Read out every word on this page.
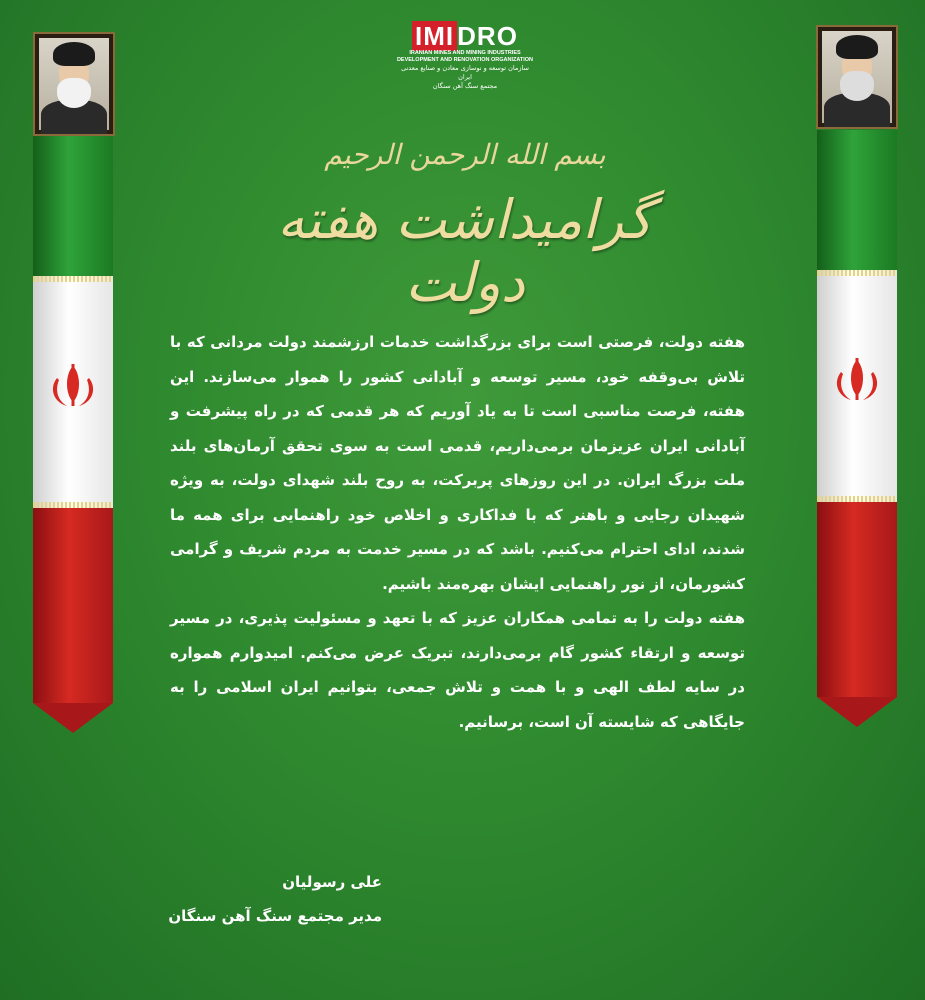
IMI DRO
IRANIAN MINES AND MINING INDUSTRIES
DEVELOPMENT AND RENOVATION ORGANIZATION
سازمان توسعه و نوسازی معادن و صنایع معدنی ایران
مجتمع سنگ آهن سنگان
بسم الله الرحمن الرحیم
گرامیداشت هفته دولت

هفته دولت، فرصتی است برای بزرگداشت خدمات ارزشمند دولت مردانی که با تلاش بی‌وقفه خود، مسیر توسعه و آبادانی کشور را هموار می‌سازند. این هفته، فرصت مناسبی است تا به یاد آوریم که هر قدمی که در راه پیشرفت و آبادانی ایران عزیزمان برمی‌داریم، قدمی است به سوی تحقق آرمان‌های بلند ملت بزرگ ایران. در این روزهای پربرکت، به روح بلند شهدای دولت، به ویژه شهیدان رجایی و باهنر که با فداکاری و اخلاص خود راهنمایی برای همه ما شدند، ادای احترام می‌کنیم. باشد که در مسیر خدمت به مردم شریف و گرامی کشورمان، از نور راهنمایی ایشان بهره‌مند باشیم.

هفته دولت را به تمامی همکاران عزیز که با تعهد و مسئولیت پذیری، در مسیر توسعه و ارتقاء کشور گام برمی‌دارند، تبریک عرض می‌کنم. امیدوارم همواره در سایه لطف الهی و با همت و تلاش جمعی، بتوانیم ایران اسلامی را به جایگاهی که شایسته آن است، برسانیم.

علی رسولیان
مدیر مجتمع سنگ آهن سنگان
